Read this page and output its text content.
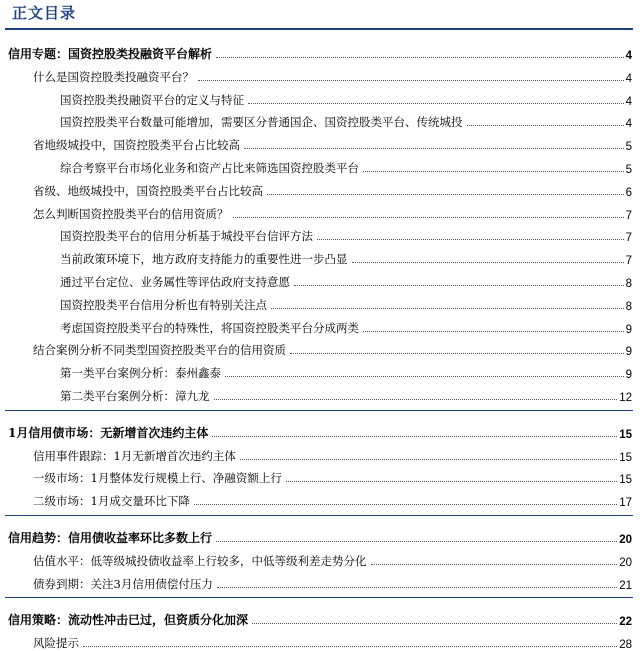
正文目录
信用专题：国资控股类投融资平台解析	4
什么是国资控股类投融资平台？	4
国资控股类投融资平台的定义与特征	4
国资控股类平台数量可能增加，需要区分普通国企、国资控股类平台、传统城投	4
省地级城投中，国资控股类平台占比较高	5
综合考察平台市场化业务和资产占比来筛选国资控股类平台	5
省级、地级城投中，国资控股类平台占比较高	6
怎么判断国资控股类平台的信用资质？	7
国资控股类平台的信用分析基于城投平台信评方法	7
当前政策环境下，地方政府支持能力的重要性进一步凸显	7
通过平台定位、业务属性等评估政府支持意愿	8
国资控股类平台信用分析也有特别关注点	8
考虑国资控股类平台的特殊性，将国资控股类平台分成两类	9
结合案例分析不同类型国资控股类平台的信用资质	9
第一类平台案例分析：泰州鑫泰	9
第二类平台案例分析：漳九龙	12
1月信用债市场：无新增首次违约主体	15
信用事件跟踪：1月无新增首次违约主体	15
一级市场：1月整体发行规模上行、净融资额上行	15
二级市场：1月成交量环比下降	17
信用趋势：信用债收益率环比多数上行	20
估值水平：低等级城投债收益率上行较多，中低等级利差走势分化	20
债券到期：关注3月信用债偿付压力	21
信用策略：流动性冲击已过，但资质分化加深	22
风险提示	28
